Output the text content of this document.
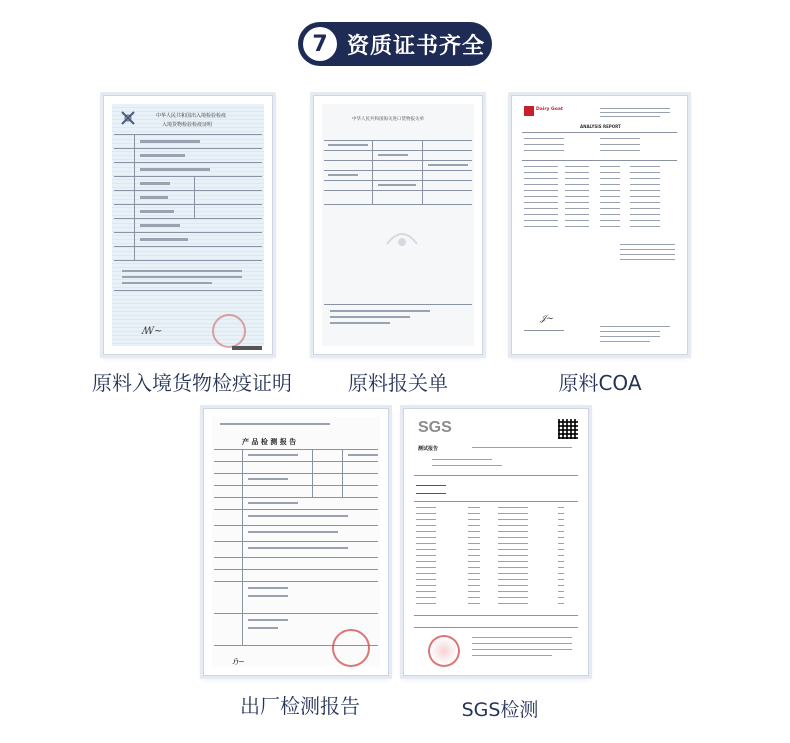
7 资质证书齐全
中华人民共和国出入境检验检疫
入境货物检验检疫证明
ꟿ~
中华人民共和国海关进口货物报关单
Dairy Goat
ANALYSIS REPORT
𝒥~
产 品 检 测 报 告
ℌ~
SGS
测试报告
原料入境货物检疫证明	原料报关单	原料COA
出厂检测报告	SGS检测
